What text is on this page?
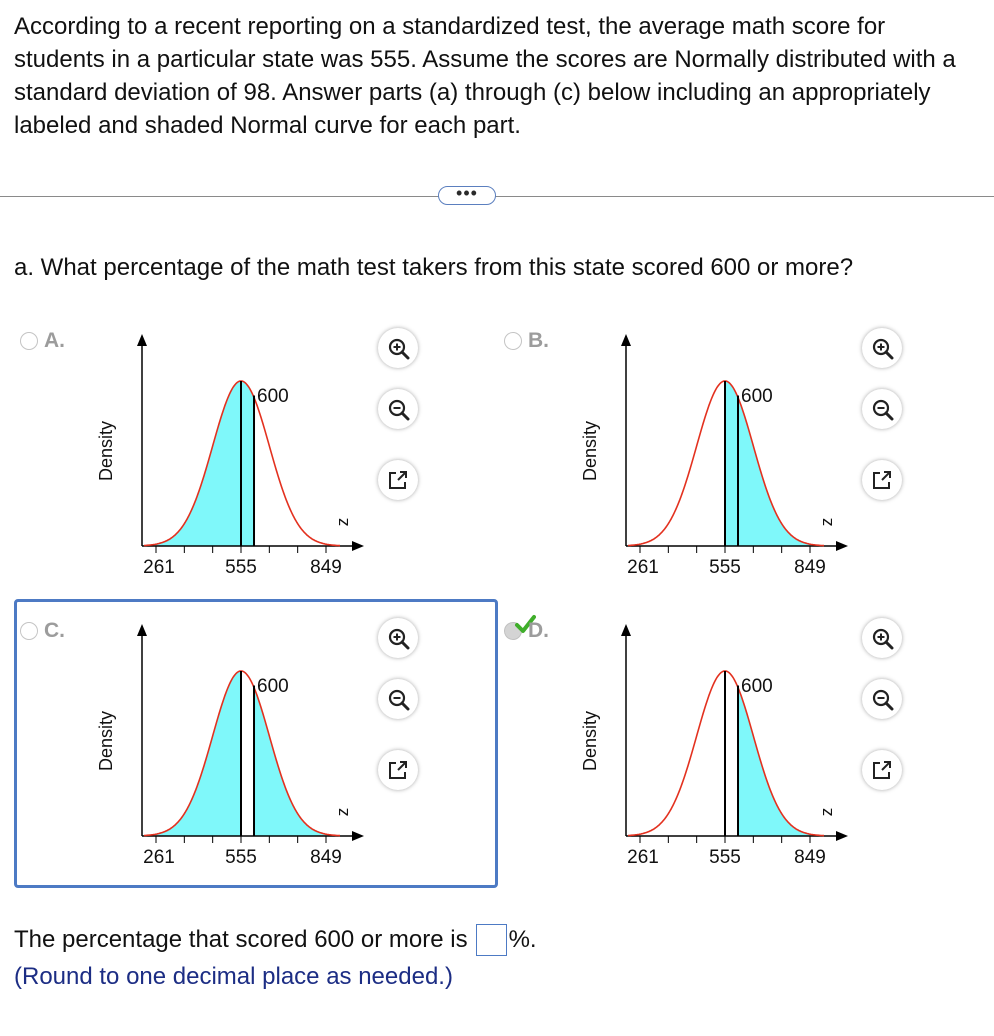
According to a recent reporting on a standardized test, the average math score for students in a particular state was 555. Assume the scores are Normally distributed with a standard deviation of 98. Answer parts (a) through (c) below including an appropriately labeled and shaded Normal curve for each part.
•••
a. What percentage of the math test takers from this state scored 600 or more?
A.
600
Density
z
261	555	849
B.
600
Density
z
261	555	849
C.
600
Density
z
261	555	849
D.
600
Density
z
261	555	849
The percentage that scored 600 or more is %.
(Round to one decimal place as needed.)
